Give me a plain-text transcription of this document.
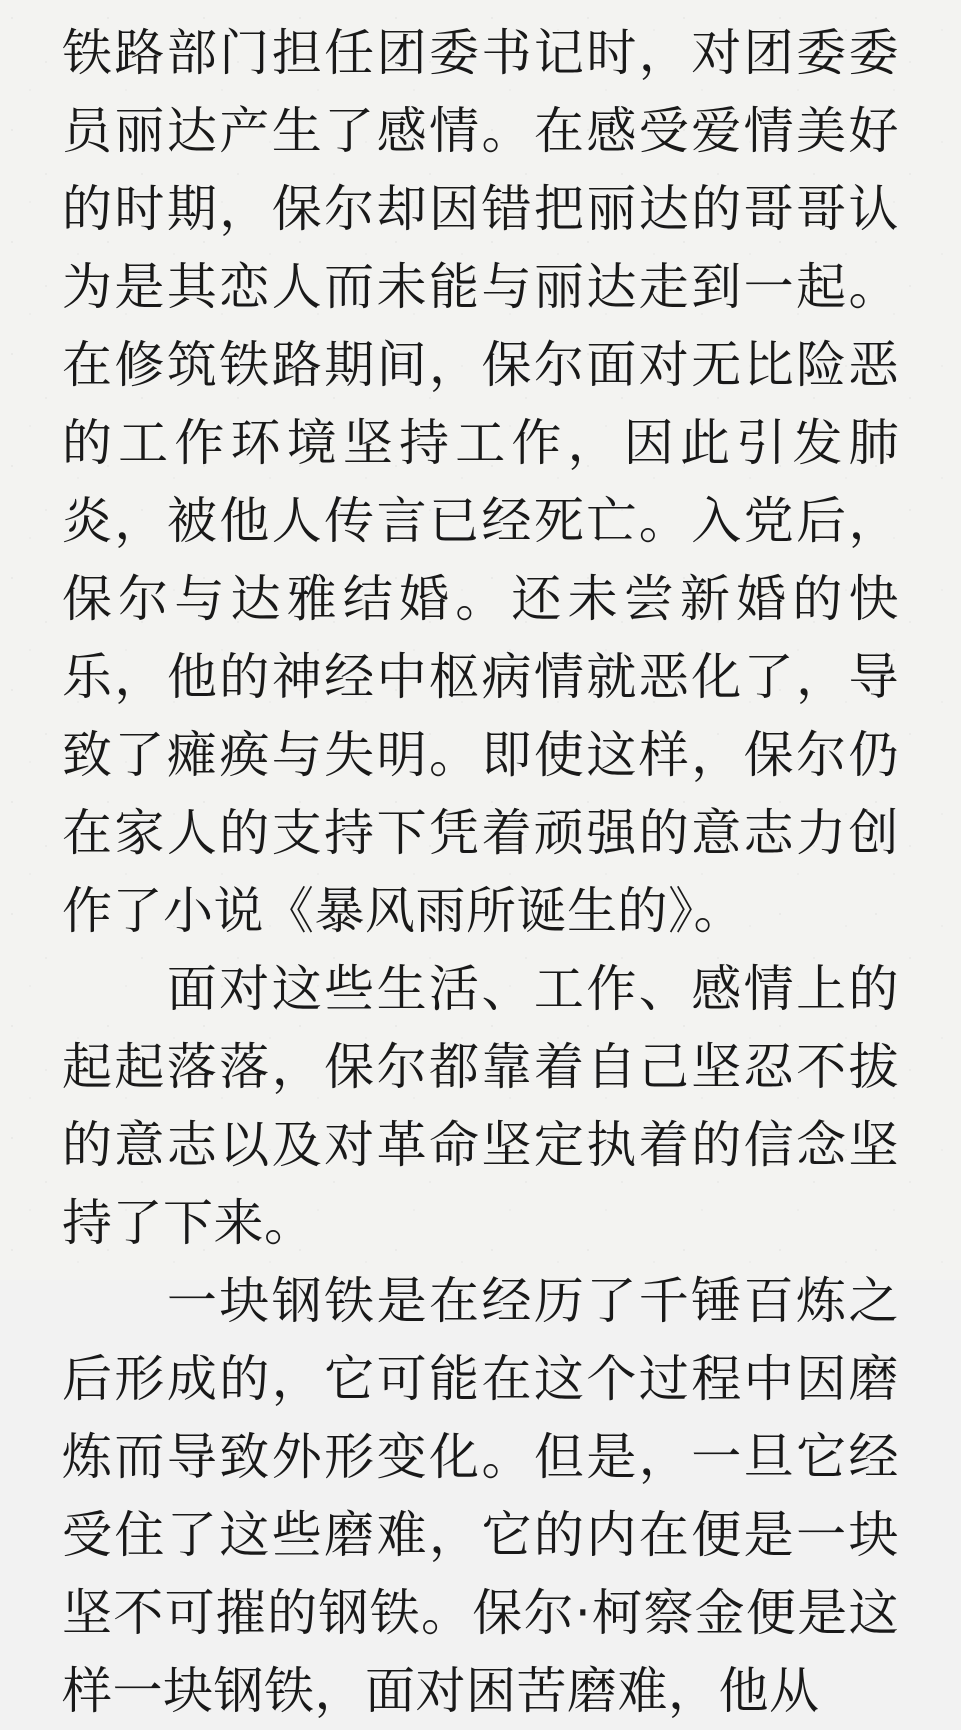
铁路部门担任团委书记时，对团委委员丽达产生了感情。在感受爱情美好的时期，保尔却因错把丽达的哥哥认为是其恋人而未能与丽达走到一起。在修筑铁路期间，保尔面对无比险恶的工作环境坚持工作，因此引发肺炎，被他人传言已经死亡。入党后，保尔与达雅结婚。还未尝新婚的快乐，他的神经中枢病情就恶化了，导致了瘫痪与失明。即使这样，保尔仍在家人的支持下凭着顽强的意志力创作了小说《暴风雨所诞生的》。

　　面对这些生活、工作、感情上的起起落落，保尔都靠着自己坚忍不拔的意志以及对革命坚定执着的信念坚持了下来。

　　一块钢铁是在经历了千锤百炼之后形成的，它可能在这个过程中因磨炼而导致外形变化。但是，一旦它经受住了这些磨难，它的内在便是一块坚不可摧的钢铁。保尔·柯察金便是这样一块钢铁，面对困苦磨难，他从
